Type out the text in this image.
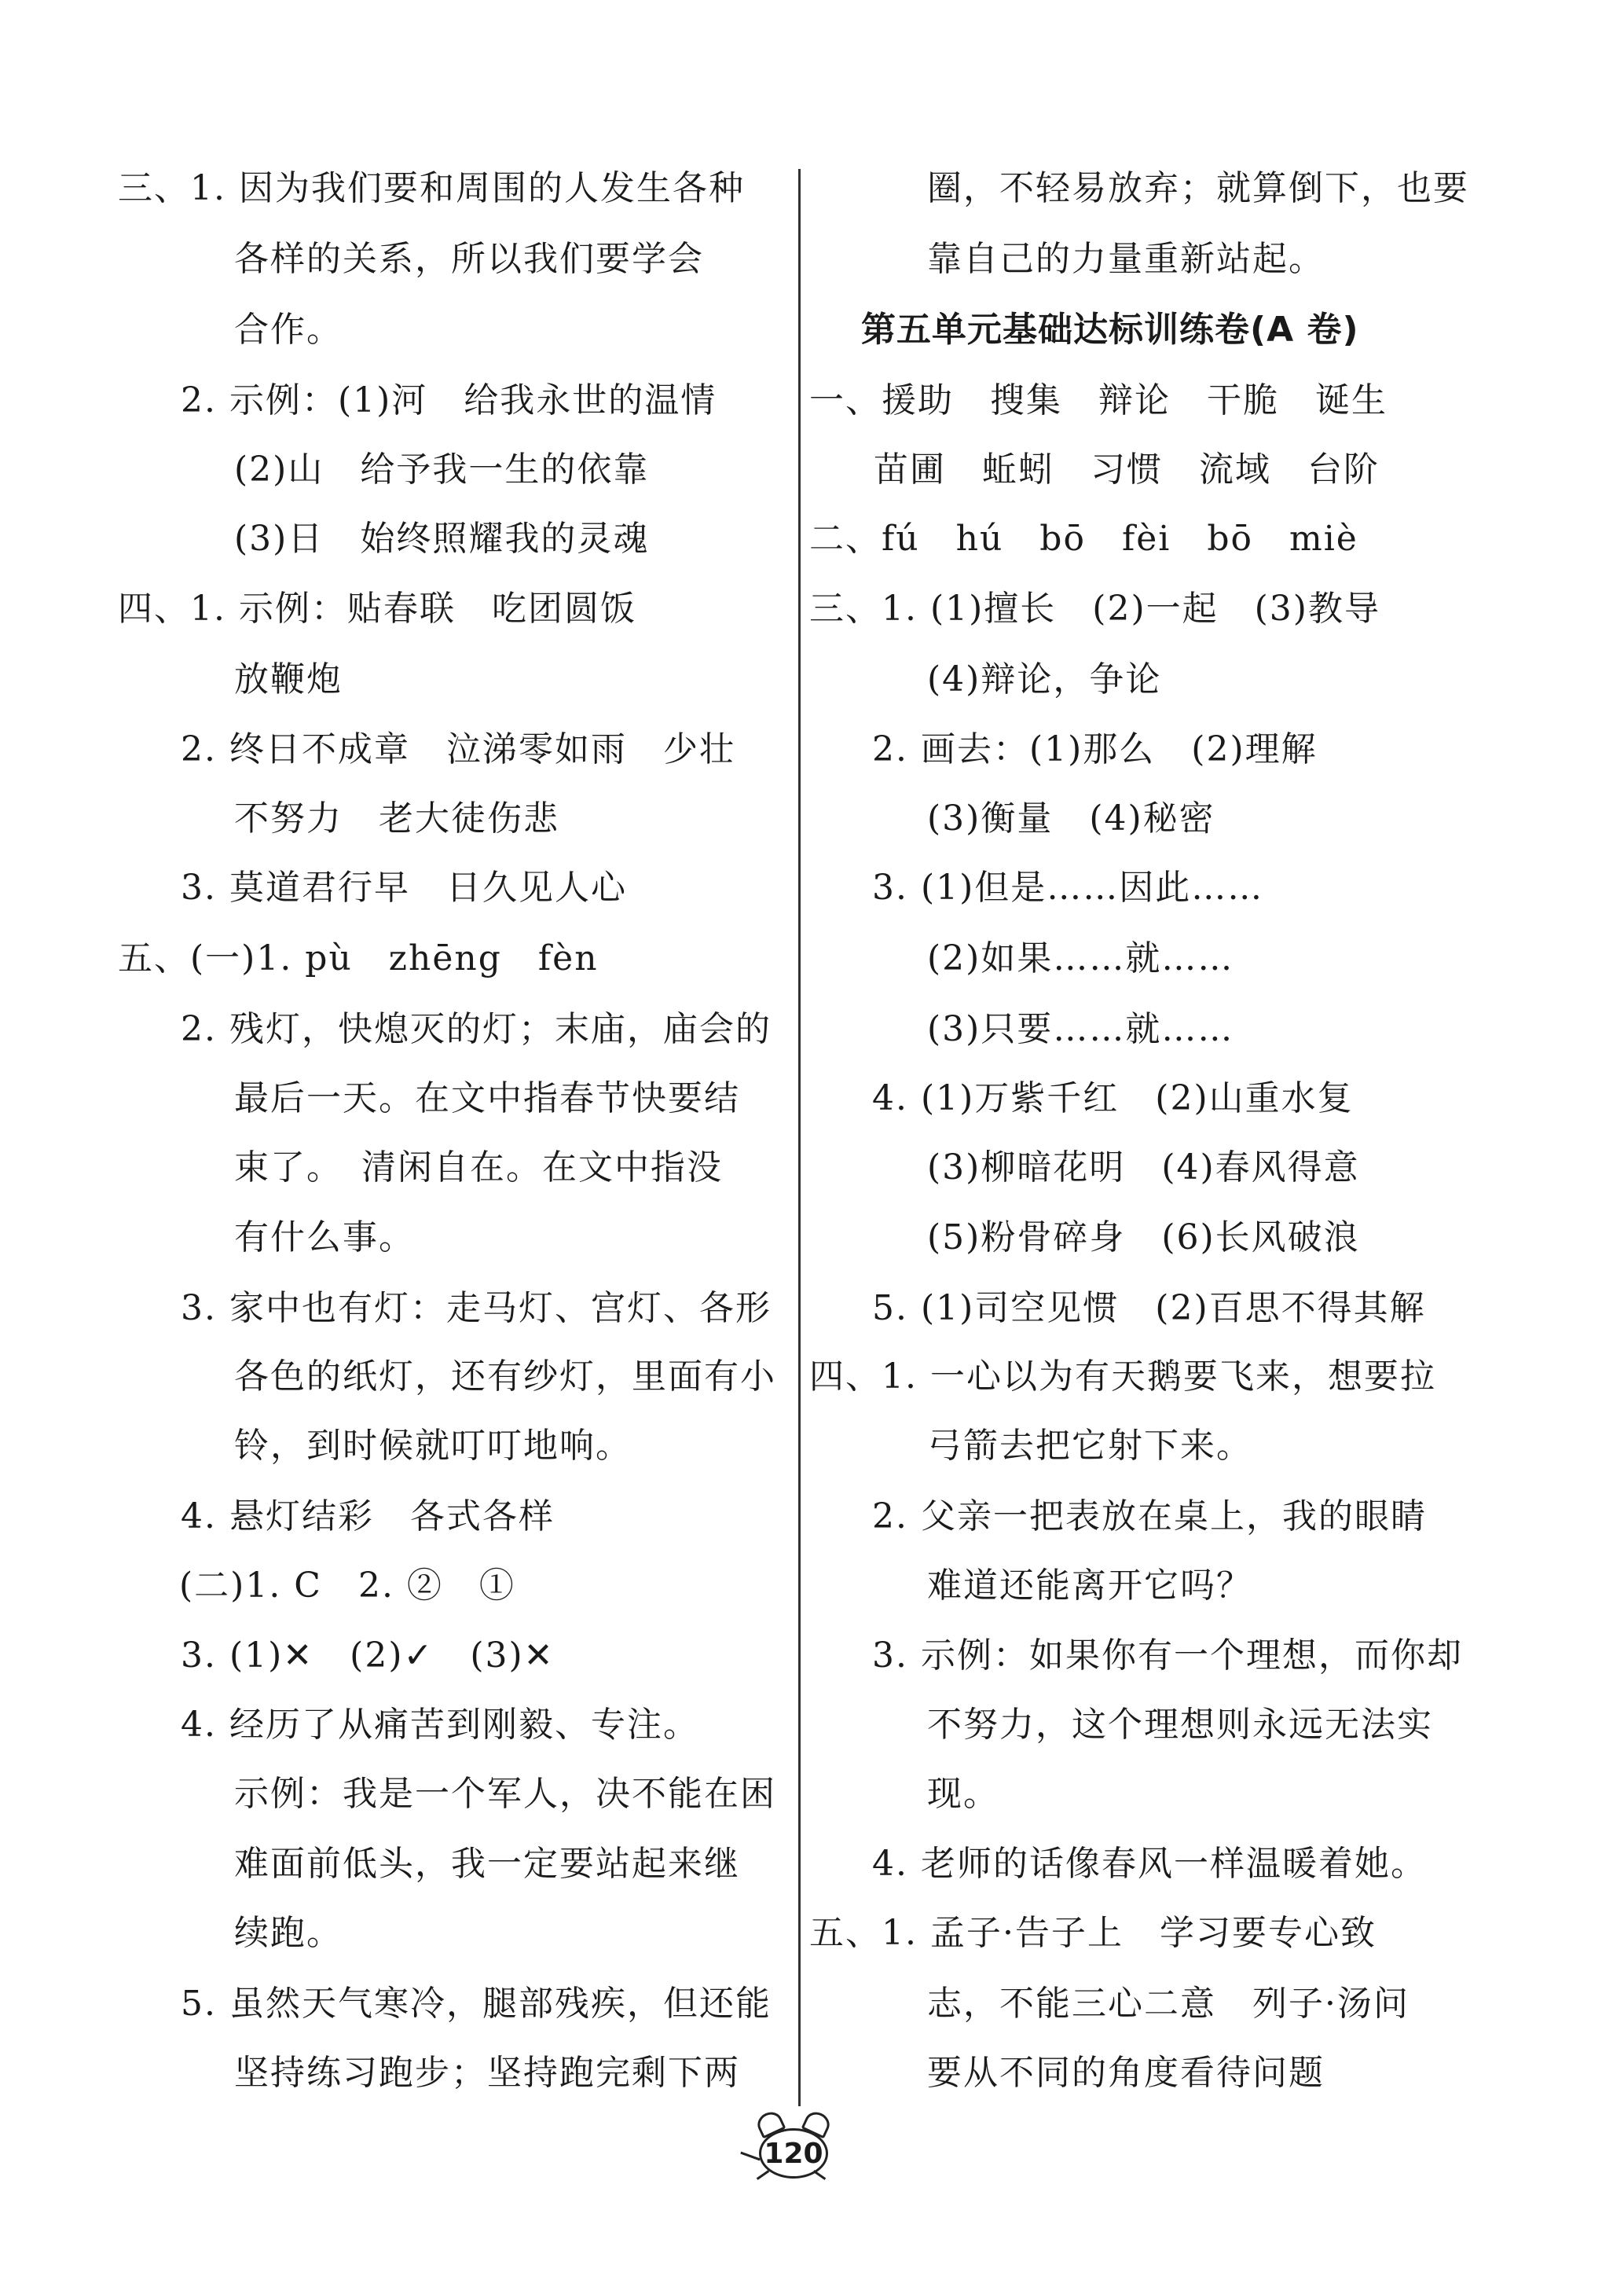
三、1. 因为我们要和周围的人发生各种
各样的关系，所以我们要学会
合作。
2. 示例：(1)河　给我永世的温情
(2)山　给予我一生的依靠
(3)日　始终照耀我的灵魂
四、1. 示例：贴春联　吃团圆饭
放鞭炮
2. 终日不成章　泣涕零如雨　少壮
不努力　老大徒伤悲
3. 莫道君行早　日久见人心
五、(一)1. pù　zhēng　fèn
2. 残灯，快熄灭的灯；末庙，庙会的
最后一天。在文中指春节快要结
束了。　清闲自在。在文中指没
有什么事。
3. 家中也有灯：走马灯、宫灯、各形
各色的纸灯，还有纱灯，里面有小
铃，到时候就叮叮地响。
4. 悬灯结彩　各式各样
(二)1. C　2. ②　①
3. (1)✕　(2)✓　(3)✕
4. 经历了从痛苦到刚毅、专注。
示例：我是一个军人，决不能在困
难面前低头，我一定要站起来继
续跑。
5. 虽然天气寒冷，腿部残疾，但还能
坚持练习跑步；坚持跑完剩下两
圈，不轻易放弃；就算倒下，也要
靠自己的力量重新站起。
一、援助　搜集　辩论　干脆　诞生
苗圃　蚯蚓　习惯　流域　台阶
二、fú　hú　bō　fèi　bō　miè
三、1. (1)擅长　(2)一起　(3)教导
(4)辩论，争论
2. 画去：(1)那么　(2)理解
(3)衡量　(4)秘密
3. (1)但是……因此……
(2)如果……就……
(3)只要……就……
4. (1)万紫千红　(2)山重水复
(3)柳暗花明　(4)春风得意
(5)粉骨碎身　(6)长风破浪
5. (1)司空见惯　(2)百思不得其解
四、1. 一心以为有天鹅要飞来，想要拉
弓箭去把它射下来。
2. 父亲一把表放在桌上，我的眼睛
难道还能离开它吗？
3. 示例：如果你有一个理想，而你却
不努力，这个理想则永远无法实
现。
4. 老师的话像春风一样温暖着她。
五、1. 孟子·告子上　学习要专心致
志，不能三心二意　列子·汤问
要从不同的角度看待问题
第五单元基础达标训练卷(A 卷)
120
